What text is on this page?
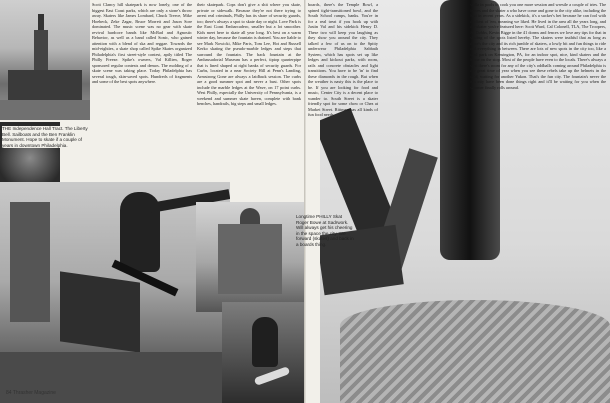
THE Independence Hall Tract. The Liberty Bell. Sailboats and the Ben Franklin Monument. Hope to skate if a couple of years in downtown Philadelphia.
Longtime PHILLY Skat Roger Bowe at Sadrwork. Will always get his cheering in the space the city. We forward (skates) and back in a boards thing.
Scott Clancy hill skatepark is now lonely, one of the biggest East Coast parks, which are only a stone's throw away. Skaters like James Lombard, Chuck Treece, Mike Hoebeck, Zeke Zagar, Bruce Morrett and Jason Sore dominated. The music scene was no gear with skate revival hardcore bands like McRad and Agnostic Behavior, as well as a band called Sonic, who gained attention with a blend of ska and reggae. Towards the mid-eighties, a skate shop called Spike Skates organized Philadelphia's first street-style contest, aptly titled The Philly Freeze. Spike's owners, Val Killien, Roger sponsored regular contests and demos. The molding of a skate scene was taking place. Today Philadelphia has several tough, skin-saved spots. Hundreds of fragments and some of the best spots anywhere.
their skatepark. Cops don't give a shit where you skate, private or sidewalk. Because they're not there trying to arrest real criminals, Philly has its share of security guards, too; there's always a spot to skate day or night. Love Park is the East Coast Embarcadero, smaller but a lot smoother. Kids meet here to skate all year long. It's best on a warm winter day, because the fountain is drained. You are liable to see Mark Nowicki, Mike Paris, Tom Lee, Hot and Russell Kerko skating the pseudo-marble ledges and steps that surround the fountain. The back fountain at the Ambassadorial Museum has a perfect, tiptop quarterpipe that is lined shaped at right banks of security guards. For Curbs, located in a near Society Hill at Penn's Landing, Armstrong Gone are always a laidback session. The curbs are a good summer spot and never a bust. Other spots include the marble ledges at the Wave, on 17 point curbs. West Philly, especially the University of Pennsylvania, is a weekend and summer skate haven, complete with bank benches, handrails, big steps and small ledges.
boards, there's the Temple Bowl, a spined tight-transitioned bowl, and the South School ramps, banks. You're in for a real treat if you hook up with Justin Val and his sidekick Henry D. These two will keep you laughing as they show you around the city. They talked a few of us on to the Spitty underwear Philadelphia Sabbath System, which has spots set up like ledges and kickout parks, with room, rails and concrete obstacles and light transitions. You have to be 'in' to find these diamonds in the rough. But when the weather is nasty this is the place to be. If you are looking for food and music, Center City is a decent place to wander to. South Street is a skater friendly spot for some chow or Chez at Market Street. Rittman has all kinds of fun food needs.
stella in pools to cook you one more session and wrestle a couple of tries. The leaves and the skater a who have come and gone to the city alike, including the best in recent years. As a sidekick, it's a sucker's bet because he can fool with the best of 'em, meaning we liked. He lived in the area all the years long, and the skater you're featured here: Scott Ward, Cal Colonell, TLA, The Troopers, JC Dobbs, Kevin Bigge in the 41 dorms and fences we love any tips for that in skating of the spots listed hereby. The skaters were truthful that as long as there's the city and its rich jumble of skaters, a lowly bit and fun things to ride and everything in between. There are lots of new spots in the city too, like a cool park on Kensington, PA, for an indoor spot, nice, kind skaters and the home on the stop. Most of the people have even to the locals. There's always a spot there's room for any of the city's oddballs coming around Philadelphia is the great time of year when you see these rebels take up the helmets in the cold, waiting for another Yukon. That's the fun city. The fountain's never the fun city have been done things right and it'll be waiting for you when the summer finally rolls around.
84 Thrasher Magazine
